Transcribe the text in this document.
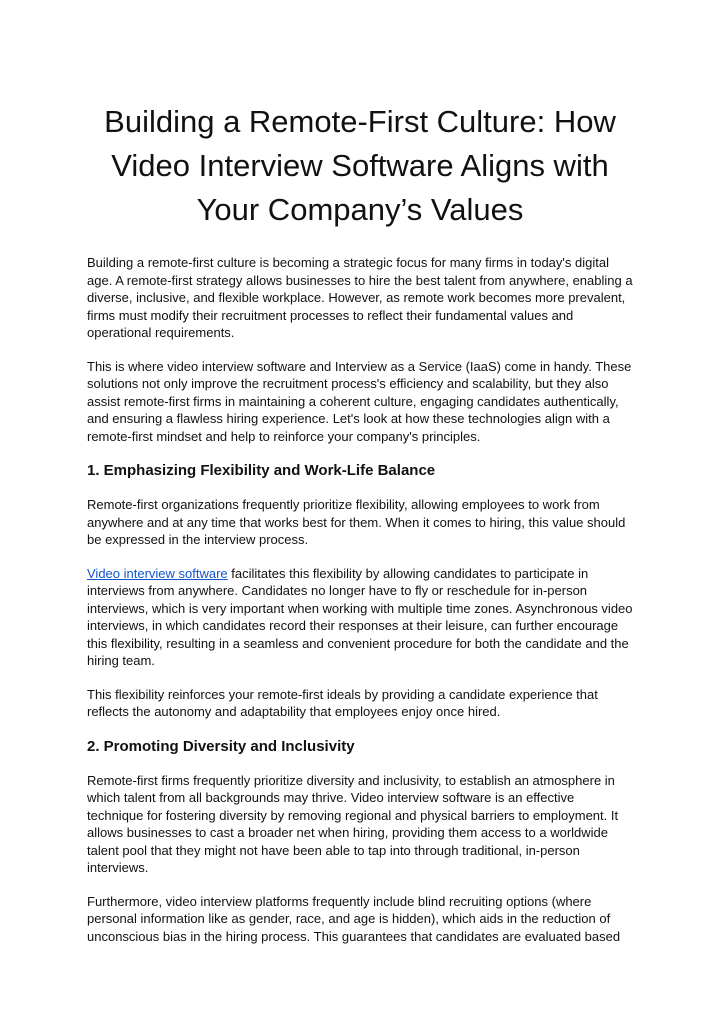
Building a Remote-First Culture: How Video Interview Software Aligns with Your Company’s Values

Building a remote-first culture is becoming a strategic focus for many firms in today's digital age. A remote-first strategy allows businesses to hire the best talent from anywhere, enabling a diverse, inclusive, and flexible workplace. However, as remote work becomes more prevalent, firms must modify their recruitment processes to reflect their fundamental values and operational requirements.

This is where video interview software and Interview as a Service (IaaS) come in handy. These solutions not only improve the recruitment process's efficiency and scalability, but they also assist remote-first firms in maintaining a coherent culture, engaging candidates authentically, and ensuring a flawless hiring experience. Let's look at how these technologies align with a remote-first mindset and help to reinforce your company's principles.

1. Emphasizing Flexibility and Work-Life Balance

Remote-first organizations frequently prioritize flexibility, allowing employees to work from anywhere and at any time that works best for them. When it comes to hiring, this value should be expressed in the interview process.

Video interview software facilitates this flexibility by allowing candidates to participate in interviews from anywhere. Candidates no longer have to fly or reschedule for in-person interviews, which is very important when working with multiple time zones. Asynchronous video interviews, in which candidates record their responses at their leisure, can further encourage this flexibility, resulting in a seamless and convenient procedure for both the candidate and the hiring team.

This flexibility reinforces your remote-first ideals by providing a candidate experience that reflects the autonomy and adaptability that employees enjoy once hired.

2. Promoting Diversity and Inclusivity

Remote-first firms frequently prioritize diversity and inclusivity, to establish an atmosphere in which talent from all backgrounds may thrive. Video interview software is an effective technique for fostering diversity by removing regional and physical barriers to employment. It allows businesses to cast a broader net when hiring, providing them access to a worldwide talent pool that they might not have been able to tap into through traditional, in-person interviews.

Furthermore, video interview platforms frequently include blind recruiting options (where personal information like as gender, race, and age is hidden), which aids in the reduction of unconscious bias in the hiring process. This guarantees that candidates are evaluated based
